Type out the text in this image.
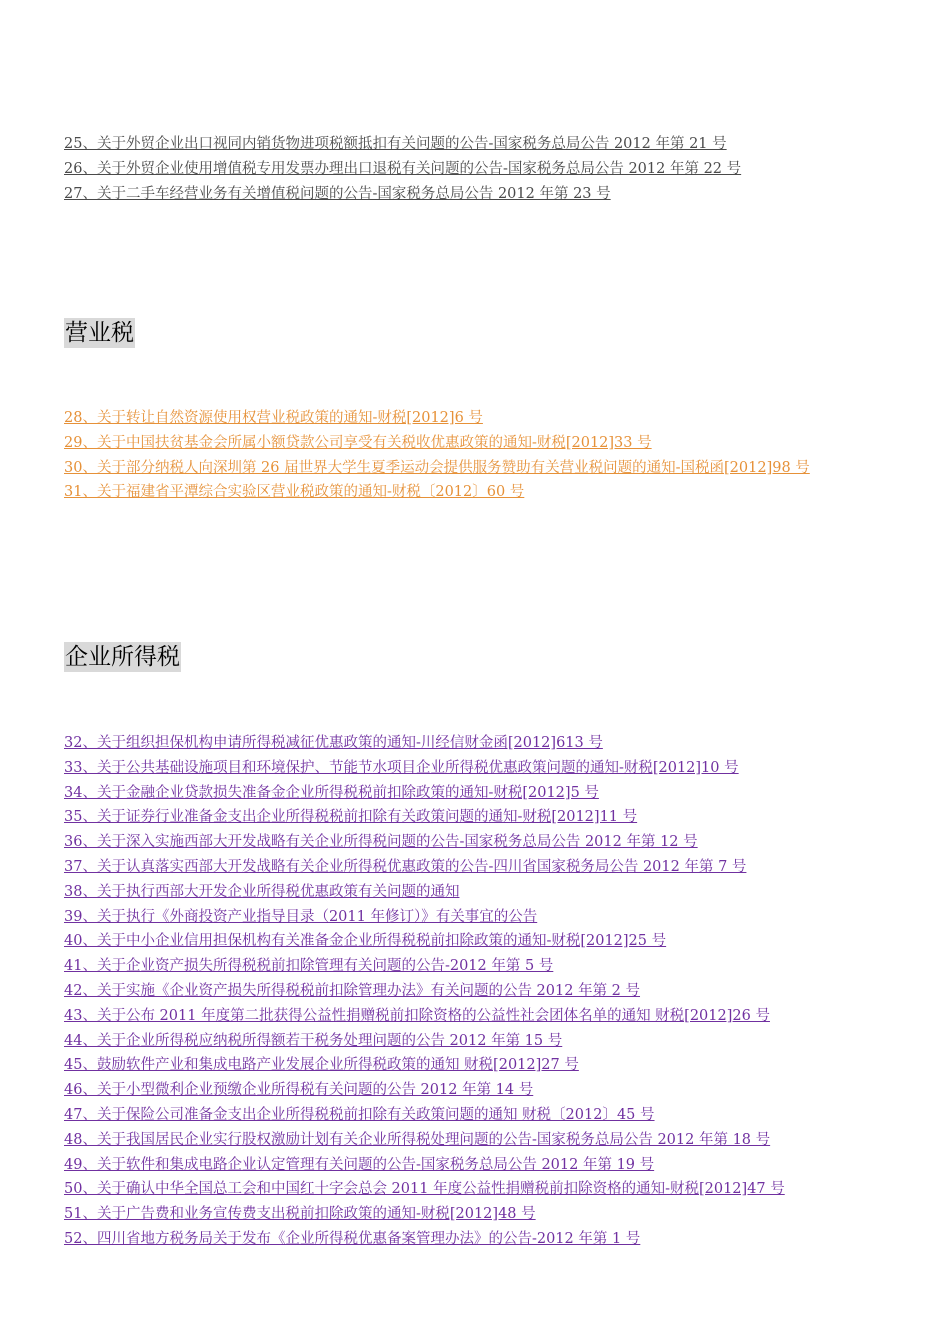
25、关于外贸企业出口视同内销货物进项税额抵扣有关问题的公告-国家税务总局公告 2012 年第 21 号
26、关于外贸企业使用增值税专用发票办理出口退税有关问题的公告-国家税务总局公告 2012 年第 22 号
27、关于二手车经营业务有关增值税问题的公告-国家税务总局公告 2012 年第 23 号
营业税
28、关于转让自然资源使用权营业税政策的通知-财税[2012]6 号
29、关于中国扶贫基金会所属小额贷款公司享受有关税收优惠政策的通知-财税[2012]33 号
30、关于部分纳税人向深圳第 26 届世界大学生夏季运动会提供服务赞助有关营业税问题的通知-国税函[2012]98 号
31、关于福建省平潭综合实验区营业税政策的通知-财税〔2012〕60 号
企业所得税
32、关于组织担保机构申请所得税减征优惠政策的通知-川经信财金函[2012]613 号
33、关于公共基础设施项目和环境保护、节能节水项目企业所得税优惠政策问题的通知-财税[2012]10 号
34、关于金融企业贷款损失准备金企业所得税税前扣除政策的通知-财税[2012]5 号
35、关于证券行业准备金支出企业所得税税前扣除有关政策问题的通知-财税[2012]11 号
36、关于深入实施西部大开发战略有关企业所得税问题的公告-国家税务总局公告 2012 年第 12 号
37、关于认真落实西部大开发战略有关企业所得税优惠政策的公告-四川省国家税务局公告 2012 年第 7 号
38、关于执行西部大开发企业所得税优惠政策有关问题的通知
39、关于执行《外商投资产业指导目录（2011 年修订）》有关事宜的公告
40、关于中小企业信用担保机构有关准备金企业所得税税前扣除政策的通知-财税[2012]25 号
41、关于企业资产损失所得税税前扣除管理有关问题的公告-2012 年第 5 号
42、关于实施《企业资产损失所得税税前扣除管理办法》有关问题的公告 2012 年第 2 号
43、关于公布 2011 年度第二批获得公益性捐赠税前扣除资格的公益性社会团体名单的通知 财税[2012]26 号
44、关于企业所得税应纳税所得额若干税务处理问题的公告 2012 年第 15 号
45、鼓励软件产业和集成电路产业发展企业所得税政策的通知 财税[2012]27 号
46、关于小型微利企业预缴企业所得税有关问题的公告 2012 年第 14 号
47、关于保险公司准备金支出企业所得税税前扣除有关政策问题的通知 财税〔2012〕45 号
48、关于我国居民企业实行股权激励计划有关企业所得税处理问题的公告-国家税务总局公告 2012 年第 18 号
49、关于软件和集成电路企业认定管理有关问题的公告-国家税务总局公告 2012 年第 19 号
50、关于确认中华全国总工会和中国红十字会总会 2011 年度公益性捐赠税前扣除资格的通知-财税[2012]47 号
51、关于广告费和业务宣传费支出税前扣除政策的通知-财税[2012]48 号
52、四川省地方税务局关于发布《企业所得税优惠备案管理办法》的公告-2012 年第 1 号
